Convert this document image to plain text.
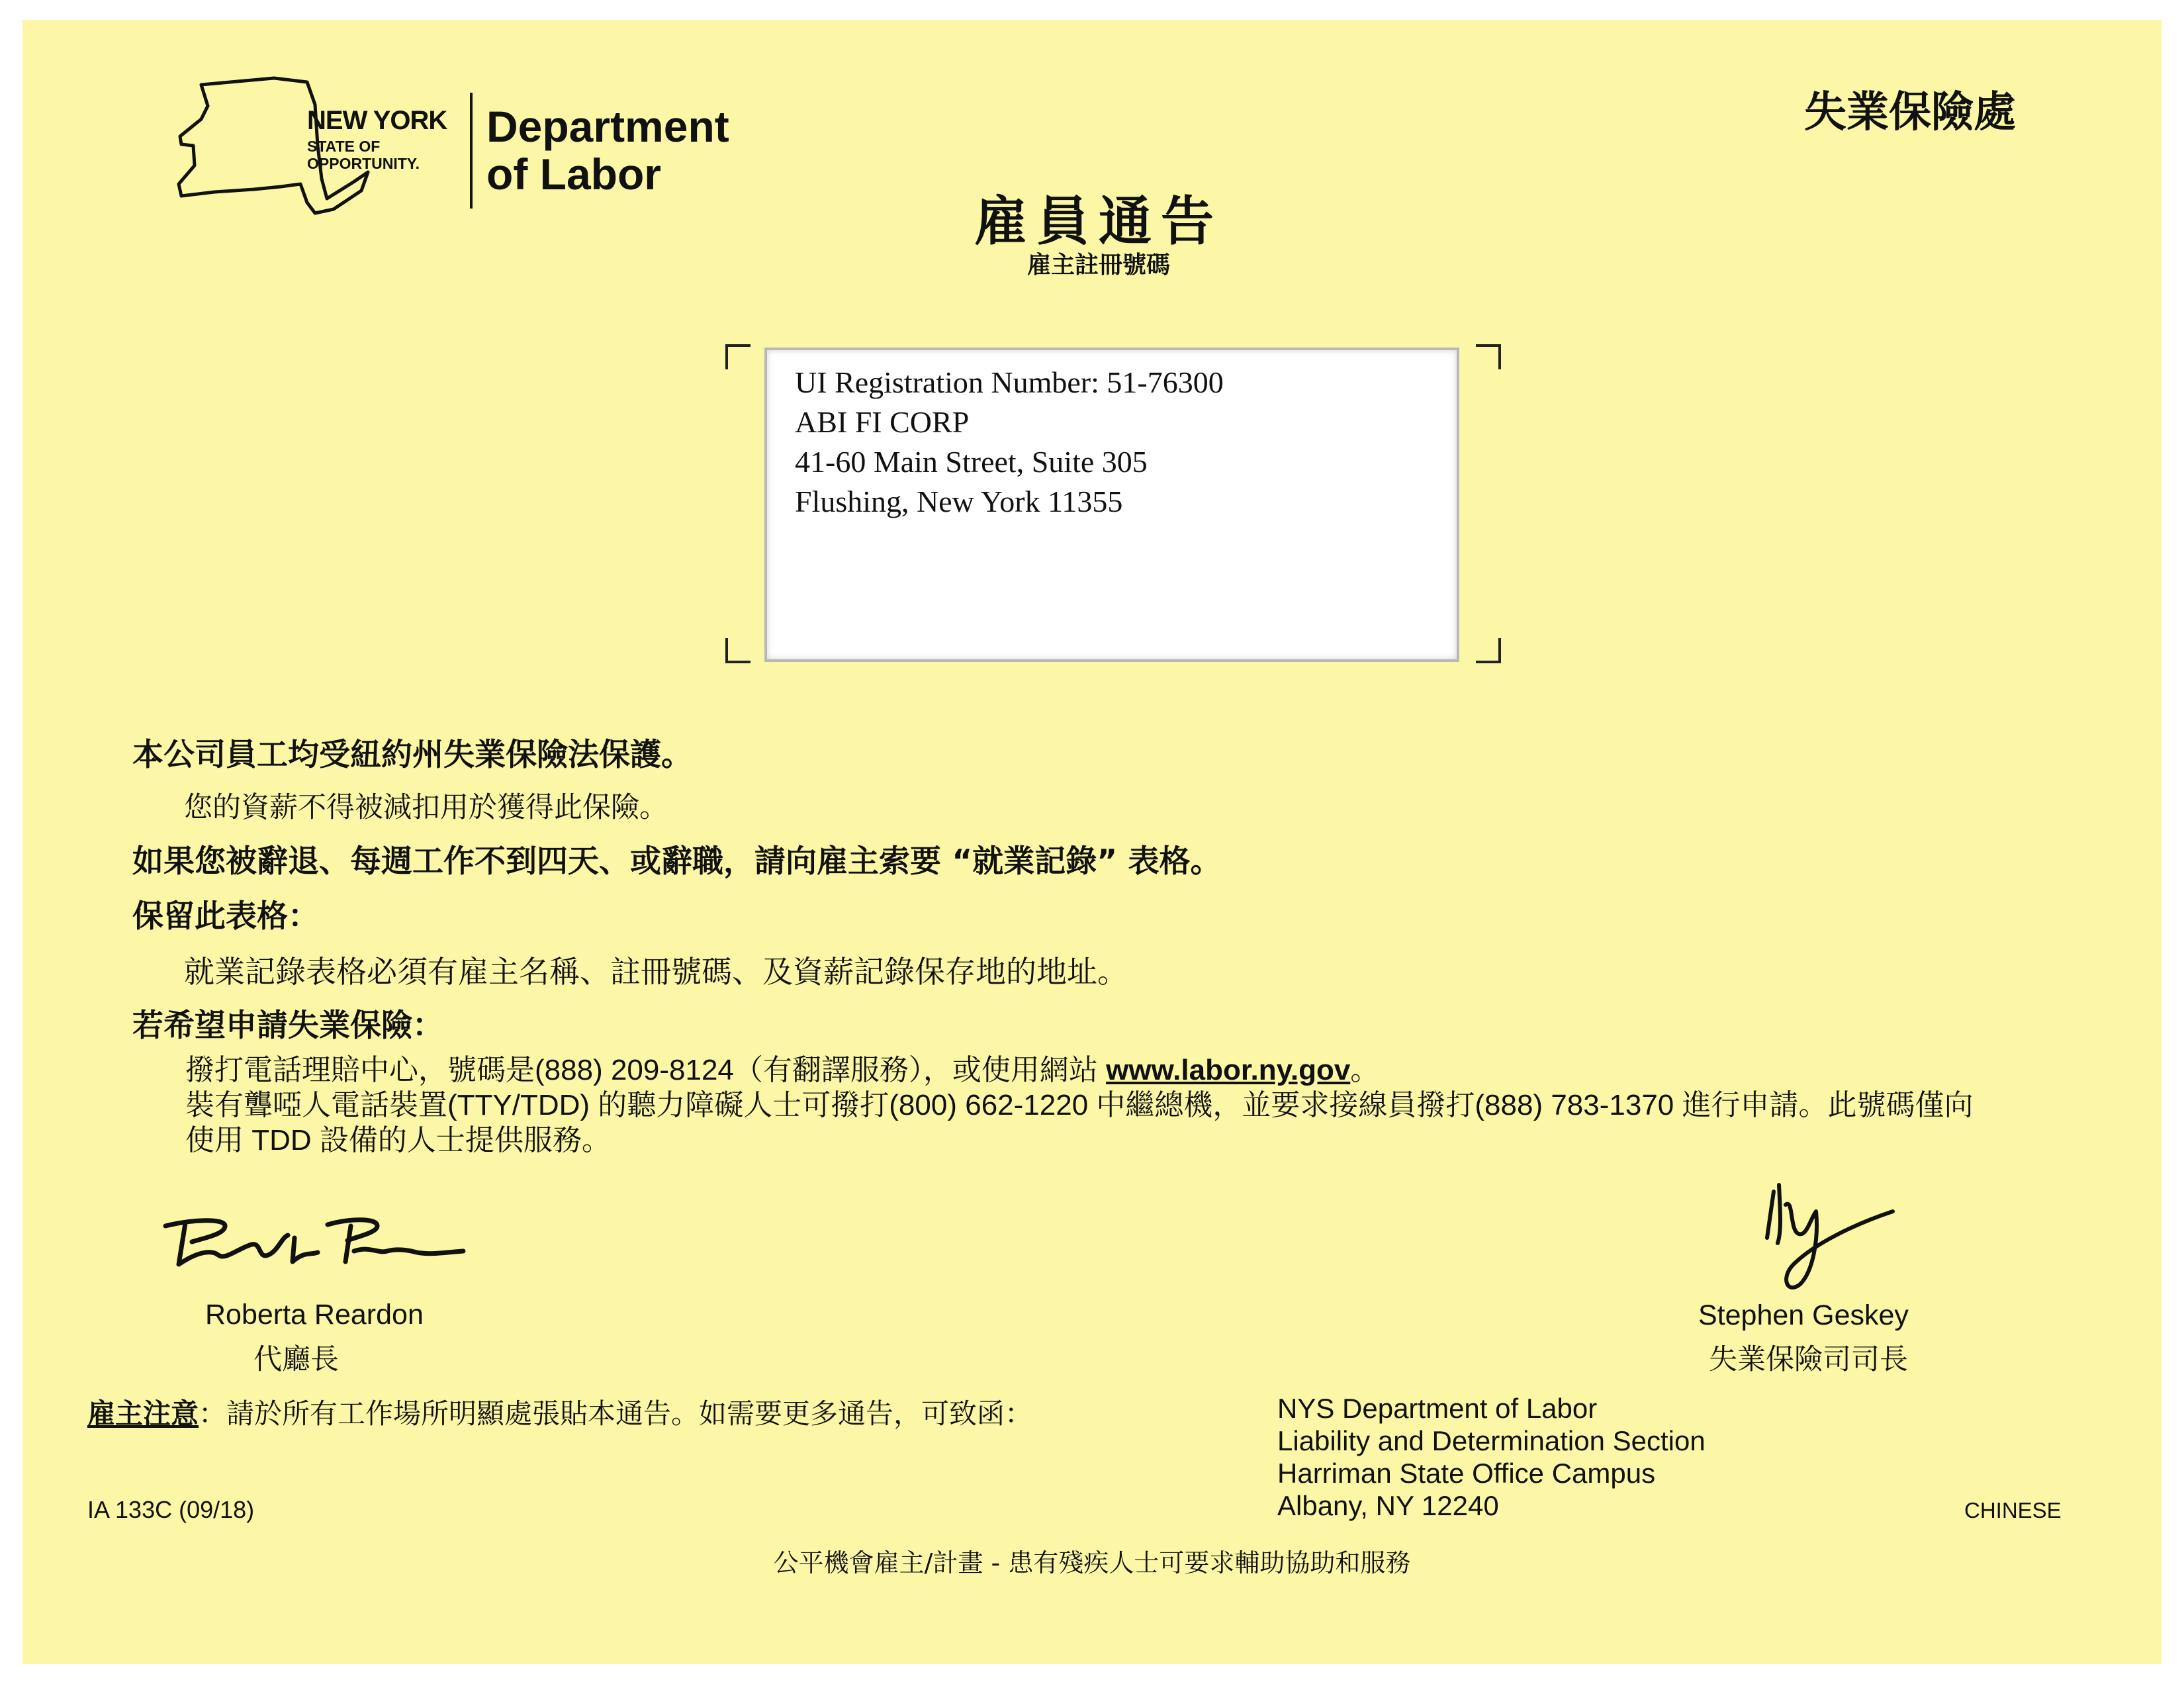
NEW YORK
STATE OF
OPPORTUNITY.
Department
of Labor
失業保險處
雇員通告
雇主註冊號碼
UI Registration Number: 51-76300
ABI FI CORP
41-60 Main Street, Suite 305
Flushing, New York 11355
本公司員工均受紐約州失業保險法保護。
您的資薪不得被減扣用於獲得此保險。
如果您被辭退、每週工作不到四天、或辭職，請向雇主索要 “就業記錄” 表格。
保留此表格：
就業記錄表格必須有雇主名稱、註冊號碼、及資薪記錄保存地的地址。
若希望申請失業保險：
撥打電話理賠中心，號碼是(888) 209-8124（有翻譯服務），或使用網站 www.labor.ny.gov。
裝有聾啞人電話裝置(TTY/TDD) 的聽力障礙人士可撥打(800) 662-1220 中繼總機，並要求接線員撥打(888) 783-1370 進行申請。此號碼僅向
使用 TDD 設備的人士提供服務。
Roberta Reardon
代廳長
Stephen Geskey
失業保險司司長
雇主注意：請於所有工作場所明顯處張貼本通告。如需要更多通告，可致函：	NYS Department of Labor
Liability and Determination Section
Harriman State Office Campus
Albany, NY 12240
IA 133C (09/18)	CHINESE
公平機會雇主/計畫 - 患有殘疾人士可要求輔助協助和服務
